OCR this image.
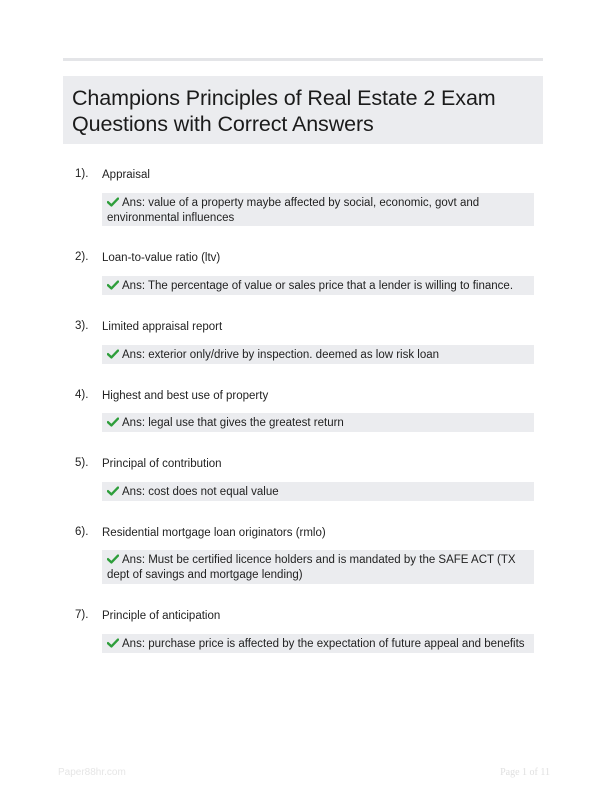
Champions Principles of Real Estate 2 Exam Questions with Correct Answers
1). Appraisal
Ans: value of a property maybe affected by social, economic, govt and environmental influences
2). Loan-to-value ratio (ltv)
Ans: The percentage of value or sales price that a lender is willing to finance.
3). Limited appraisal report
Ans: exterior only/drive by inspection. deemed as low risk loan
4). Highest and best use of property
Ans: legal use that gives the greatest return
5). Principal of contribution
Ans: cost does not equal value
6). Residential mortgage loan originators (rmlo)
Ans: Must be certified licence holders and is mandated by the SAFE ACT (TX dept of savings and mortgage lending)
7). Principle of anticipation
Ans: purchase price is affected by the expectation of future appeal and benefits
Paper88hr.com	Page 1 of 11
